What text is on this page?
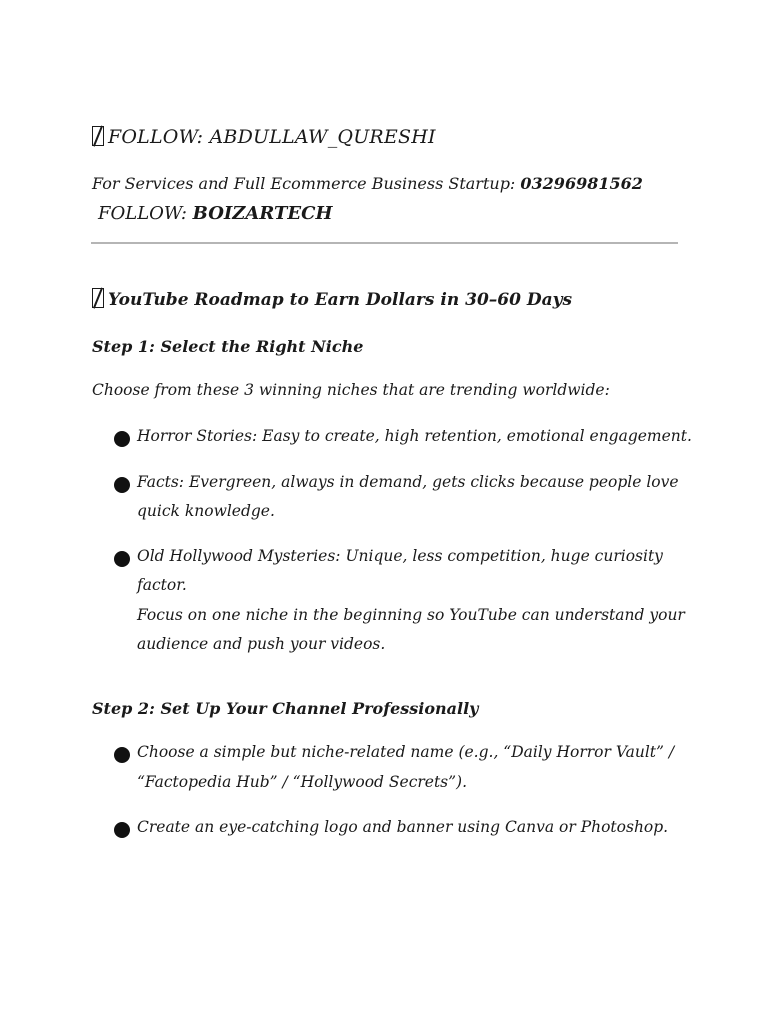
FOLLOW: ABDULLAW_QURESHI
For Services and Full Ecommerce Business Startup: 03296981562
FOLLOW: BOIZARTECH
YouTube Roadmap to Earn Dollars in 30–60 Days
Step 1: Select the Right Niche
Choose from these 3 winning niches that are trending worldwide:
Horror Stories: Easy to create, high retention, emotional engagement.
Facts: Evergreen, always in demand, gets clicks because people love
quick knowledge.
Old Hollywood Mysteries: Unique, less competition, huge curiosity
factor.
Focus on one niche in the beginning so YouTube can understand your
audience and push your videos.
Step 2: Set Up Your Channel Professionally
Choose a simple but niche-related name (e.g., “Daily Horror Vault” /
“Factopedia Hub” / “Hollywood Secrets”).
Create an eye-catching logo and banner using Canva or Photoshop.
